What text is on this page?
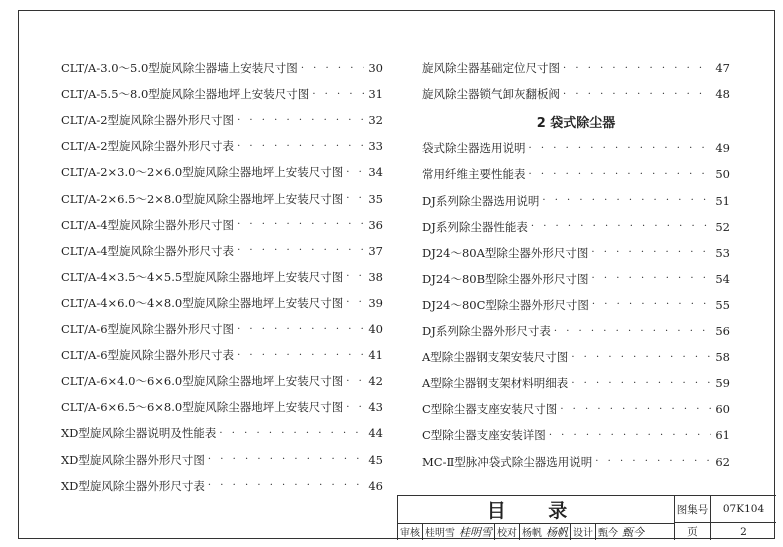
CLT/A-3.0～5.0型旋风除尘器墙上安装尺寸图 · · ·	30
CLT/A-5.5～8.0型旋风除尘器地坪上安装尺寸图 · · ·	31
CLT/A-2型旋风除尘器外形尺寸图 · · ·	32
CLT/A-2型旋风除尘器外形尺寸表 · · ·	33
CLT/A-2×3.0～2×6.0型旋风除尘器地坪上安装尺寸图 · · · 34
CLT/A-2×6.5～2×8.0型旋风除尘器地坪上安装尺寸图 · · · 35
CLT/A-4型旋风除尘器外形尺寸图 · · ·	36
CLT/A-4型旋风除尘器外形尺寸表 · · ·	37
CLT/A-4×3.5～4×5.5型旋风除尘器地坪上安装尺寸图 · · · 38
CLT/A-4×6.0～4×8.0型旋风除尘器地坪上安装尺寸图 · · · 39
CLT/A-6型旋风除尘器外形尺寸图 · · ·	40
CLT/A-6型旋风除尘器外形尺寸表 · · ·	41
CLT/A-6×4.0～6×6.0型旋风除尘器地坪上安装尺寸图 · · · 42
CLT/A-6×6.5～6×8.0型旋风除尘器地坪上安装尺寸图 · · · 43
XD型旋风除尘器说明及性能表 · · ·	44
XD型旋风除尘器外形尺寸图 · · ·	45
XD型旋风除尘器外形尺寸表 · · ·	46
旋风除尘器基础定位尺寸图 · · ·	47
旋风除尘器锁气卸灰翻板阀 · · ·	48
2 袋式除尘器
袋式除尘器选用说明 · · ·	49
常用纤维主要性能表 · · ·	50
DJ系列除尘器选用说明 · · ·	51
DJ系列除尘器性能表 · · ·	52
DJ24～80A型除尘器外形尺寸图 · · ·	53
DJ24～80B型除尘器外形尺寸图 · · ·	54
DJ24～80C型除尘器外形尺寸图 · · ·	55
DJ系列除尘器外形尺寸表 · · ·	56
A型除尘器钢支架安装尺寸图 · · ·	58
A型除尘器钢支架材料明细表 · · ·	59
C型除尘器支座安装尺寸图 · · ·	60
C型除尘器支座安装详图 · · ·	61
MC-Ⅱ型脉冲袋式除尘器选用说明 · · ·	62
目 录
审核 桂明雪 桂明雪 校对 杨帆 杨帆 设计 甄今 甄今
图集号	07K104
页	2
